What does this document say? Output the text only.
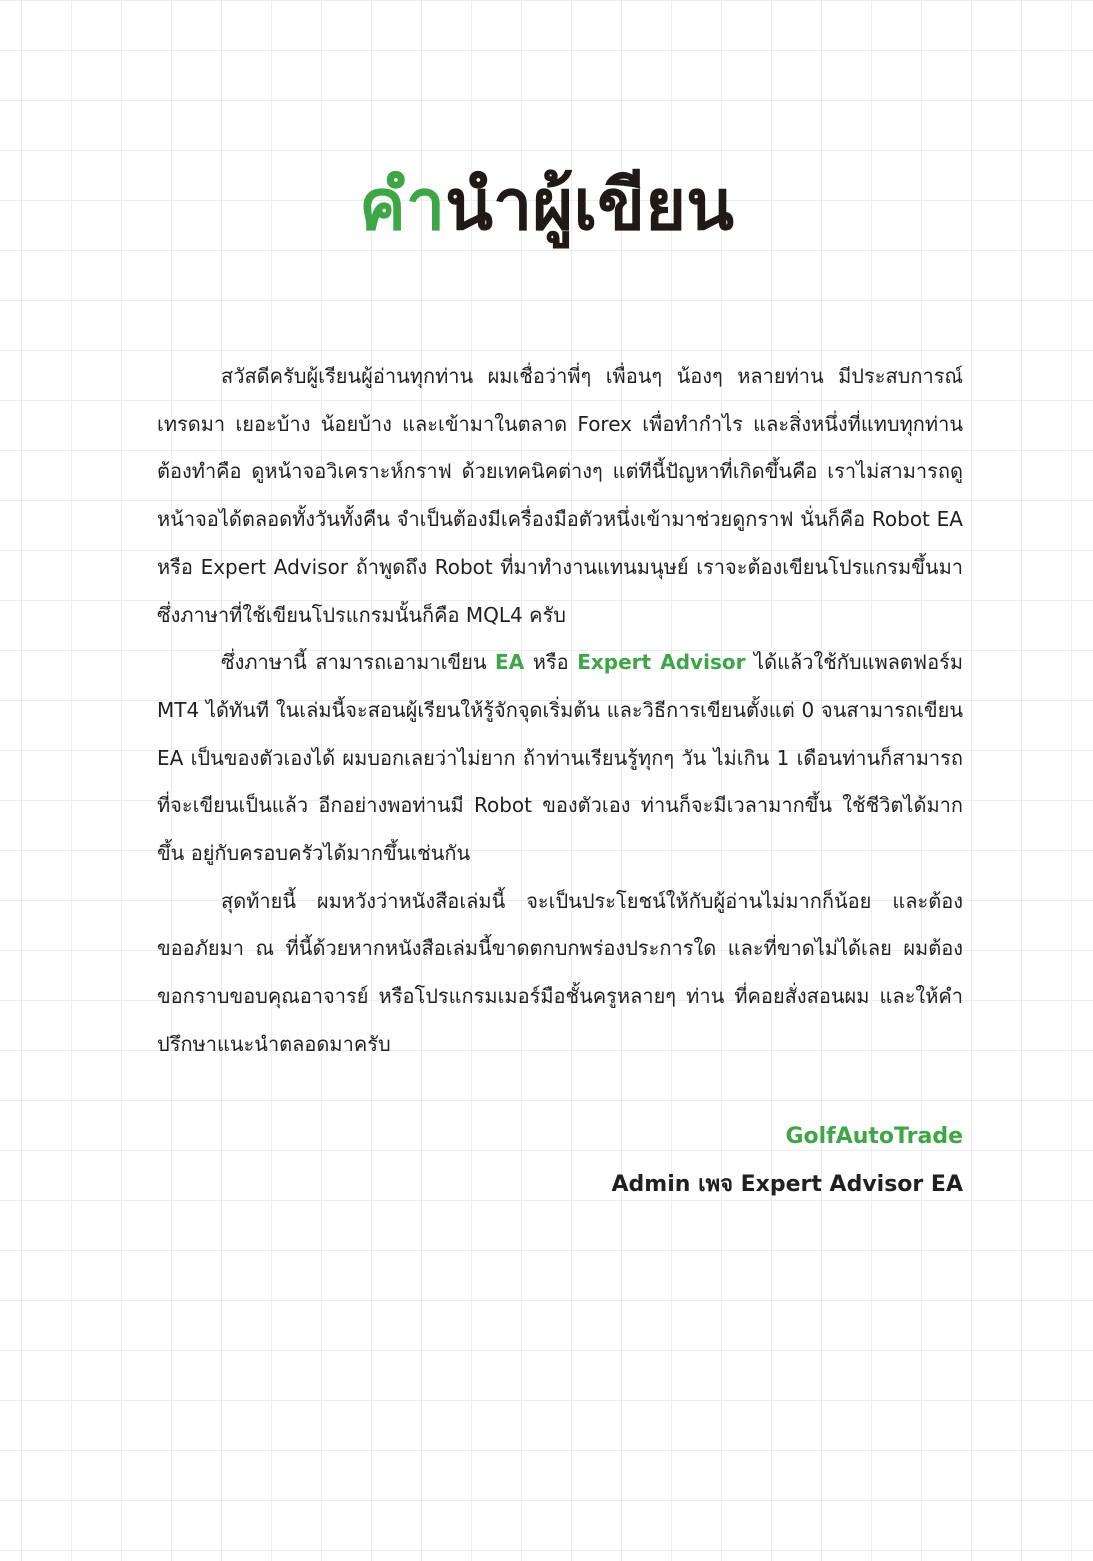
คำนำผู้เขียน

สวัสดีครับผู้เรียนผู้อ่านทุกท่าน ผมเชื่อว่าพี่ๆ เพื่อนๆ น้องๆ หลายท่าน มีประสบการณ์เทรดมา เยอะบ้าง น้อยบ้าง และเข้ามาในตลาด Forex เพื่อทำกำไร และสิ่งหนึ่งที่แทบทุกท่านต้องทำคือ ดูหน้าจอวิเคราะห์กราฟ ด้วยเทคนิคต่างๆ แต่ทีนี้ปัญหาที่เกิดขึ้นคือ เราไม่สามารถดูหน้าจอได้ตลอดทั้งวันทั้งคืน จำเป็นต้องมีเครื่องมือตัวหนึ่งเข้ามาช่วยดูกราฟ นั่นก็คือ Robot EA หรือ Expert Advisor ถ้าพูดถึง Robot ที่มาทำงานแทนมนุษย์ เราจะต้องเขียนโปรแกรมขึ้นมา ซึ่งภาษาที่ใช้เขียนโปรแกรมนั้นก็คือ MQL4 ครับ

ซึ่งภาษานี้ สามารถเอามาเขียน EA หรือ Expert Advisor ได้แล้วใช้กับแพลตฟอร์ม MT4 ได้ทันที ในเล่มนี้จะสอนผู้เรียนให้รู้จักจุดเริ่มต้น และวิธีการเขียนตั้งแต่ 0 จนสามารถเขียน EA เป็นของตัวเองได้ ผมบอกเลยว่าไม่ยาก ถ้าท่านเรียนรู้ทุกๆ วัน ไม่เกิน 1 เดือนท่านก็สามารถที่จะเขียนเป็นแล้ว อีกอย่างพอท่านมี Robot ของตัวเอง ท่านก็จะมีเวลามากขึ้น ใช้ชีวิตได้มากขึ้น อยู่กับครอบครัวได้มากขึ้นเช่นกัน

สุดท้ายนี้ ผมหวังว่าหนังสือเล่มนี้ จะเป็นประโยชน์ให้กับผู้อ่านไม่มากก็น้อย และต้องขออภัยมา ณ ที่นี้ด้วยหากหนังสือเล่มนี้ขาดตกบกพร่องประการใด และที่ขาดไม่ได้เลย ผมต้องขอกราบขอบคุณอาจารย์ หรือโปรแกรมเมอร์มือชั้นครูหลายๆ ท่าน ที่คอยสั่งสอนผม และให้คำปรึกษาแนะนำตลอดมาครับ

GolfAutoTrade
Admin เพจ Expert Advisor EA
